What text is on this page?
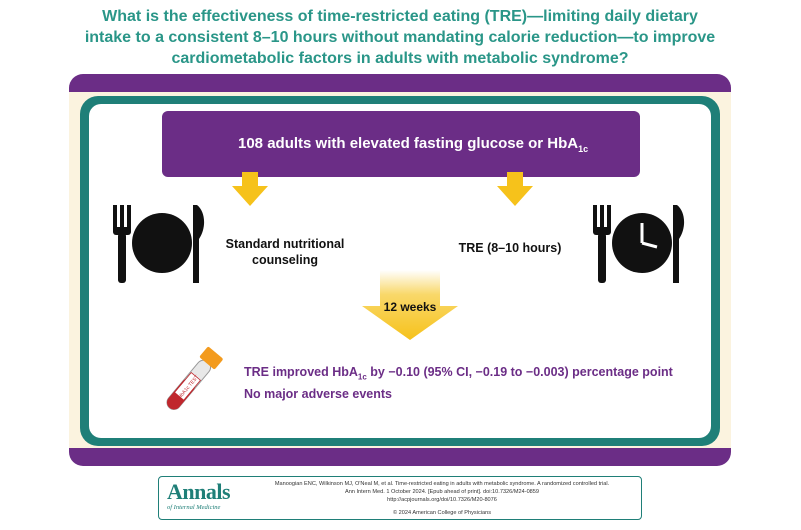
What is the effectiveness of time-restricted eating (TRE)—limiting daily dietary
intake to a consistent 8–10 hours without mandating calorie reduction—to improve
cardiometabolic factors in adults with metabolic syndrome?
108 adults with elevated fasting glucose or HbA$_{1c}$
Standard nutritional
counseling
TRE (8–10 hours)
12 weeks
HbA1c TEST
TRE improved HbA$_{1c}$ by −0.10 (95% CI, −0.19 to −0.003) percentage point
No major adverse events
Annals
of Internal Medicine
Manoogian ENC, Wilkinson MJ, O'Neal M, et al. Time-restricted eating in adults with metabolic syndrome. A randomized controlled trial.
Ann Intern Med. 1 October 2024. [Epub ahead of print]. doi:10.7326/M24-0859
http://acpjournals.org/doi/10.7326/M20-8076
© 2024 American College of Physicians
